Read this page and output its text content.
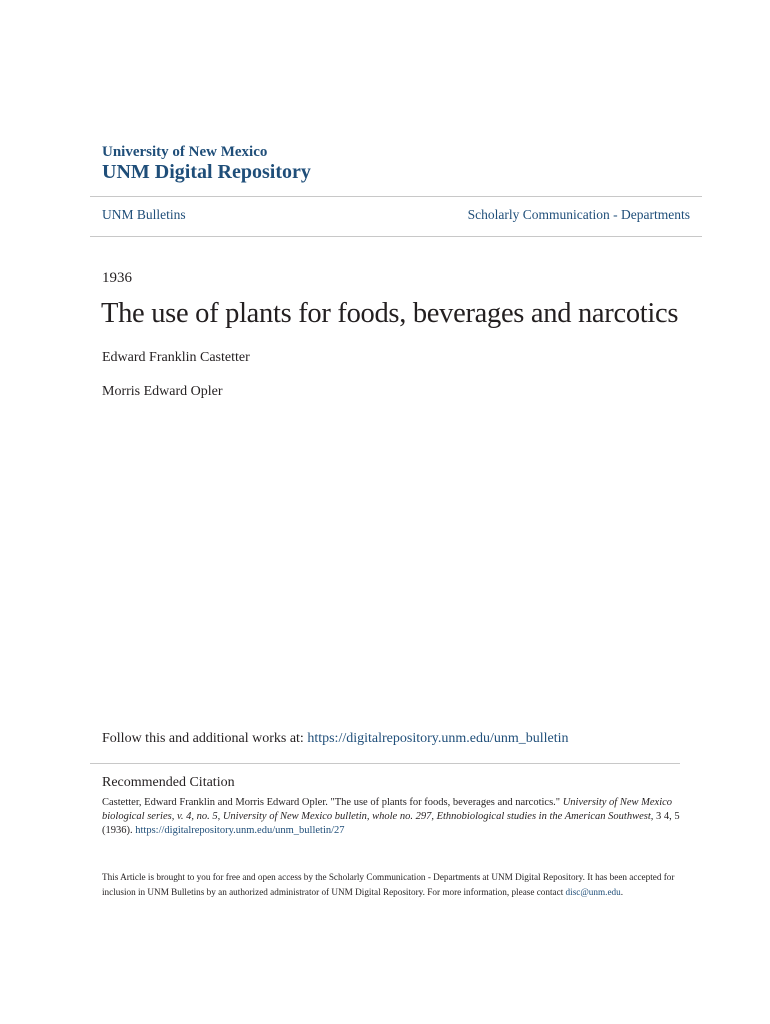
University of New Mexico
UNM Digital Repository
UNM Bulletins	Scholarly Communication - Departments
1936
The use of plants for foods, beverages and narcotics
Edward Franklin Castetter
Morris Edward Opler
Follow this and additional works at: https://digitalrepository.unm.edu/unm_bulletin
Recommended Citation
Castetter, Edward Franklin and Morris Edward Opler. "The use of plants for foods, beverages and narcotics." University of New Mexico biological series, v. 4, no. 5, University of New Mexico bulletin, whole no. 297, Ethnobiological studies in the American Southwest, 3 4, 5 (1936). https://digitalrepository.unm.edu/unm_bulletin/27
This Article is brought to you for free and open access by the Scholarly Communication - Departments at UNM Digital Repository. It has been accepted for inclusion in UNM Bulletins by an authorized administrator of UNM Digital Repository. For more information, please contact disc@unm.edu.
